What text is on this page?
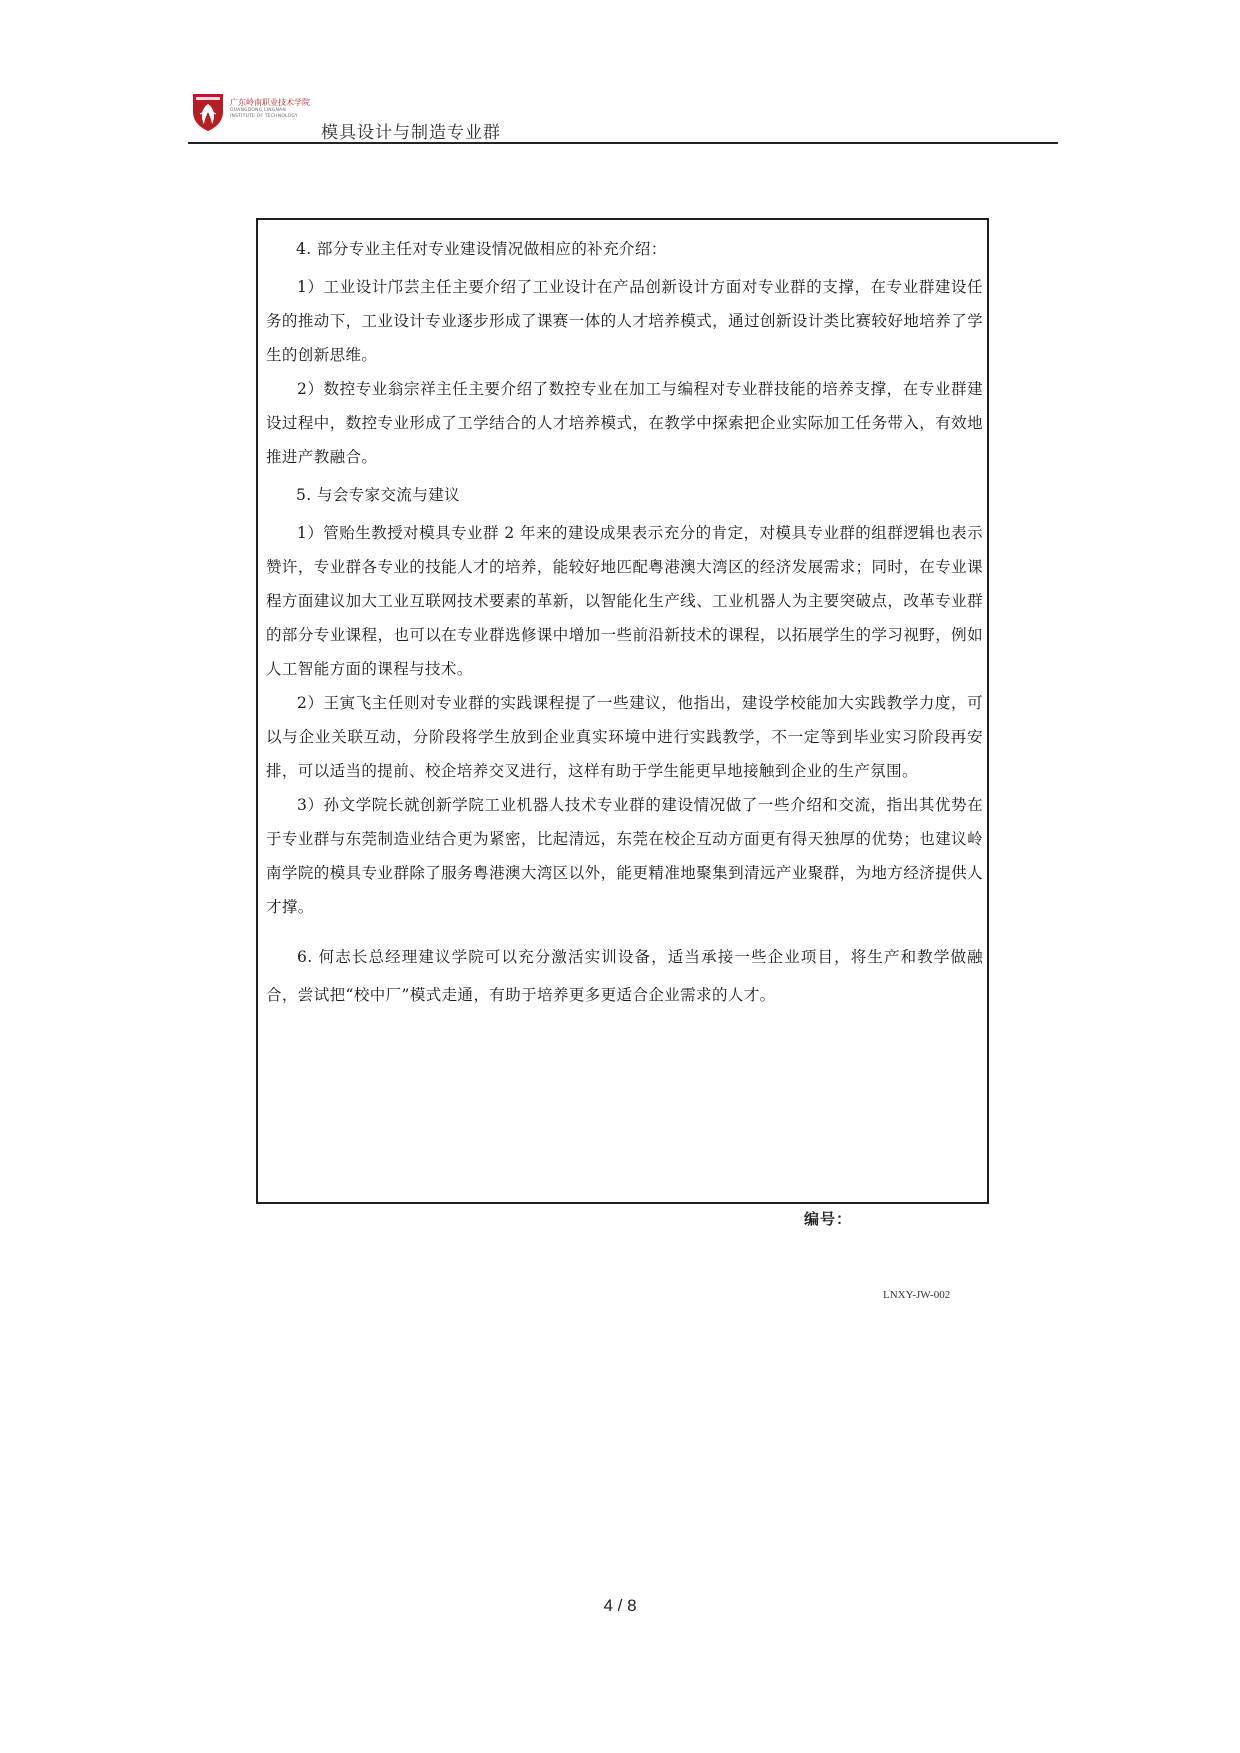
广东岭南职业技术学院
GUANGDONG LINGNAN
INSTITUTE OF TECHNOLOGY
模具设计与制造专业群

4. 部分专业主任对专业建设情况做相应的补充介绍：

1）工业设计邝芸主任主要介绍了工业设计在产品创新设计方面对专业群的支撑，在专业群建设任务的推动下，工业设计专业逐步形成了课赛一体的人才培养模式，通过创新设计类比赛较好地培养了学生的创新思维。

2）数控专业翁宗祥主任主要介绍了数控专业在加工与编程对专业群技能的培养支撑，在专业群建设过程中，数控专业形成了工学结合的人才培养模式，在教学中探索把企业实际加工任务带入，有效地推进产教融合。

5. 与会专家交流与建议

1）管贻生教授对模具专业群 2 年来的建设成果表示充分的肯定，对模具专业群的组群逻辑也表示赞许，专业群各专业的技能人才的培养，能较好地匹配粤港澳大湾区的经济发展需求；同时，在专业课程方面建议加大工业互联网技术要素的革新，以智能化生产线、工业机器人为主要突破点，改革专业群的部分专业课程，也可以在专业群选修课中增加一些前沿新技术的课程，以拓展学生的学习视野，例如人工智能方面的课程与技术。

2）王寅飞主任则对专业群的实践课程提了一些建议，他指出，建设学校能加大实践教学力度，可以与企业关联互动，分阶段将学生放到企业真实环境中进行实践教学，不一定等到毕业实习阶段再安排，可以适当的提前、校企培养交叉进行，这样有助于学生能更早地接触到企业的生产氛围。

3）孙文学院长就创新学院工业机器人技术专业群的建设情况做了一些介绍和交流，指出其优势在于专业群与东莞制造业结合更为紧密，比起清远，东莞在校企互动方面更有得天独厚的优势；也建议岭南学院的模具专业群除了服务粤港澳大湾区以外，能更精准地聚集到清远产业聚群，为地方经济提供人才撑。

6. 何志长总经理建议学院可以充分激活实训设备，适当承接一些企业项目，将生产和教学做融合，尝试把“校中厂”模式走通，有助于培养更多更适合企业需求的人才。

编号：
LNXY-JW-002
4 / 8
